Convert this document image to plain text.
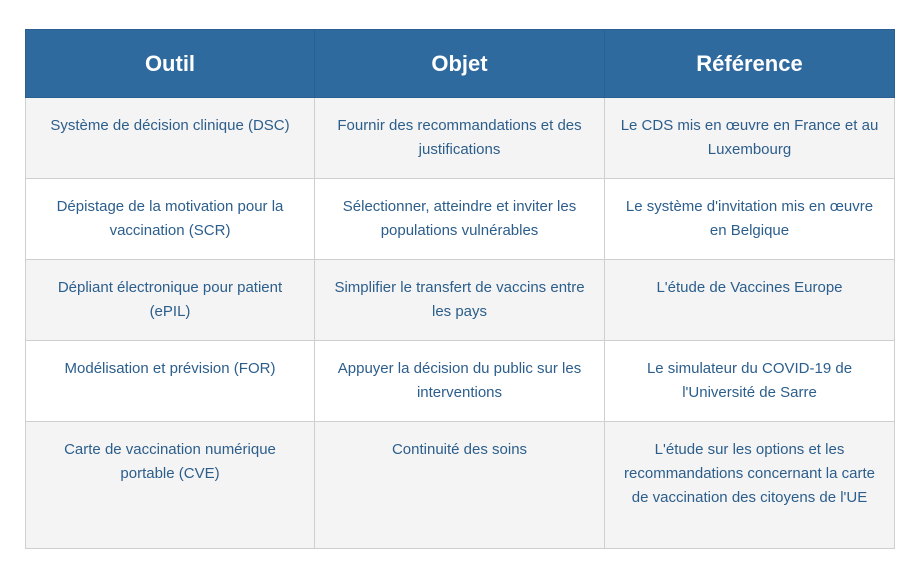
Outil	Objet	Référence
Système de décision clinique (DSC)	Fournir des recommandations et des justifications	Le CDS mis en œuvre en France et au Luxembourg
Dépistage de la motivation pour la vaccination (SCR)	Sélectionner, atteindre et inviter les populations vulnérables	Le système d'invitation mis en œuvre en Belgique
Dépliant électronique pour patient (ePIL)	Simplifier le transfert de vaccins entre les pays	L'étude de Vaccines Europe
Modélisation et prévision (FOR)	Appuyer la décision du public sur les interventions	Le simulateur du COVID-19 de l'Université de Sarre
Carte de vaccination numérique portable (CVE)	Continuité des soins	L'étude sur les options et les recommandations concernant la carte de vaccination des citoyens de l'UE
